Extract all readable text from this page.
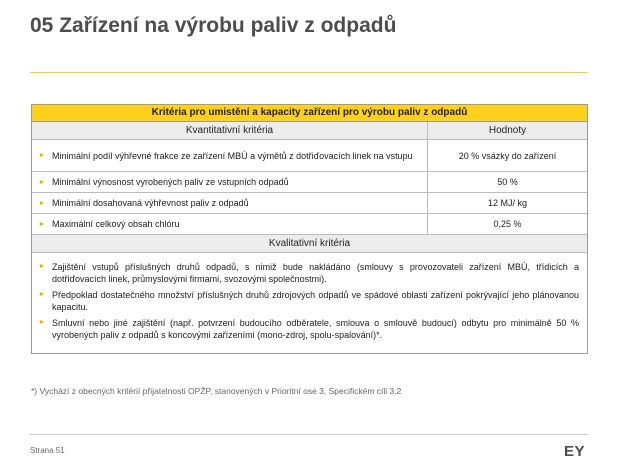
05 Zařízení na výrobu paliv z odpadů
Kritéria pro umistění a kapacity zařízení pro výrobu paliv z odpadů
Kvantitativní kritéria	Hodnoty
► Minimální podíl výhřevné frakce ze zařízení MBÚ a výmětů z dotřiďovacích linek na vstupu	20 % vsázky do zařízení
► Minimální výnosnost vyrobených paliv ze vstupních odpadů	50 %
► Minimální dosahovaná výhřevnost paliv z odpadů	12 MJ/ kg
► Maximální celkový obsah chlóru	0,25 %
Kvalitativní kritéria
► Zajištění vstupů příslušných druhů odpadů, s nimiž bude nakládáno (smlouvy s provozovateli zařízení MBÚ, třídicích a dotřiďovacích linek, průmyslovými firmami, svozovými společnostmi).
► Předpoklad dostatečného množství příslušných druhů zdrojových odpadů ve spádové oblasti zařízení pokrývající jeho plánovanou kapacitu.
► Smluvní nebo jiné zajištění (např. potvrzení budoucího odběratele, smlouva o smlouvě budoucí) odbytu pro minimálně 50 % vyrobených paliv z odpadů s koncovými zařízeními (mono-zdroj, spolu-spalování)*.
*) Vychází z obecných kritérií přijatelnosti OPŽP, stanovených v Prioritní ose 3, Specifickém cíli 3.2
Strana 51	EY
